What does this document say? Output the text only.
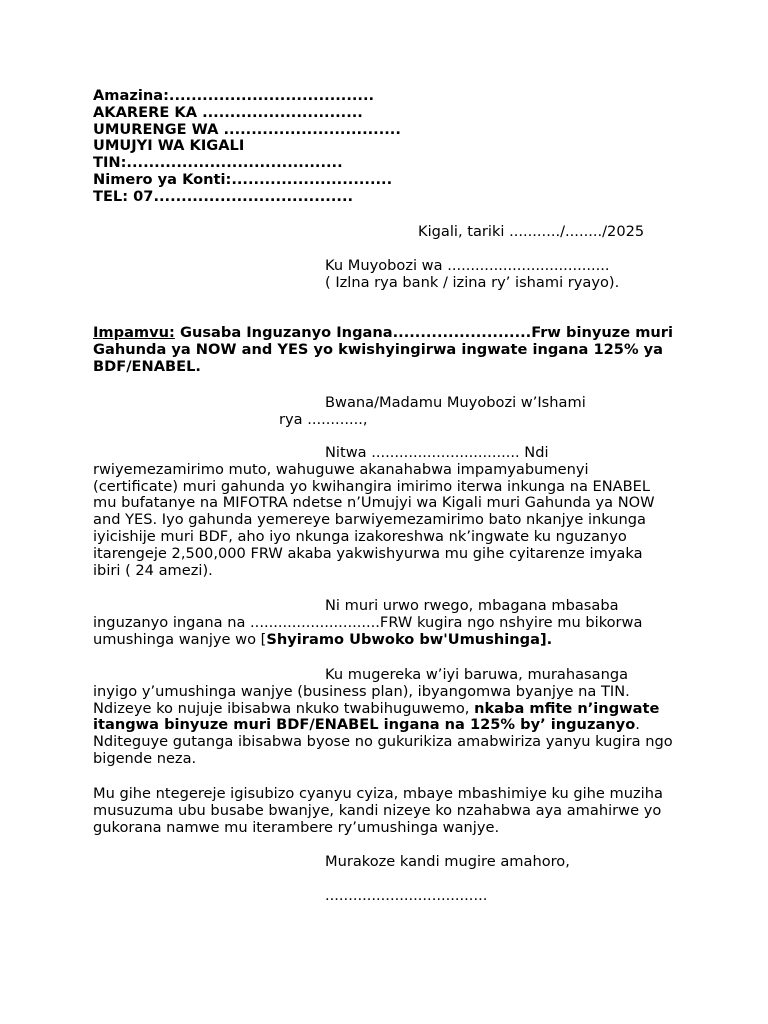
Amazina:.....................................
AKARERE KA .............................
UMURENGE WA ................................
UMUJYI WA KIGALI
TIN:.......................................
Nimero ya Konti:.............................
TEL: 07....................................
Kigali, tariki .........../......../2025
Ku Muyobozi wa ...................................
( Izlna rya bank / izina ry’ ishami ryayo).

Impamvu: Gusaba Inguzanyo Ingana.........................Frw binyuze muri Gahunda ya NOW and YES yo kwishyingirwa ingwate ingana 125% ya BDF/ENABEL.

Bwana/Madamu Muyobozi w’Ishami
rya ............,
Nitwa ................................ Ndi

rwiyemezamirimo muto, wahuguwe akanahabwa impamyabumenyi (certificate) muri gahunda yo kwihangira imirimo iterwa inkunga na ENABEL mu bufatanye na MIFOTRA ndetse n’Umujyi wa Kigali muri Gahunda ya NOW and YES. Iyo gahunda yemereye barwiyemezamirimo bato nkanjye inkunga iyicishije muri BDF, aho iyo nkunga izakoreshwa nk’ingwate ku nguzanyo itarengeje 2,500,000 FRW akaba yakwishyurwa mu gihe cyitarenze imyaka ibiri ( 24 amezi).

Ni muri urwo rwego, mbagana mbasaba

inguzanyo ingana na ............................FRW kugira ngo nshyire mu bikorwa umushinga wanjye wo [Shyiramo Ubwoko bw'Umushinga].

Ku mugereka w’iyi baruwa, murahasanga

inyigo y’umushinga wanjye (business plan), ibyangomwa byanjye na TIN. Ndizeye ko nujuje ibisabwa nkuko twabihuguwemo, nkaba mfite n’ingwate itangwa binyuze muri BDF/ENABEL ingana na 125% by’ inguzanyo. Nditeguye gutanga ibisabwa byose no gukurikiza amabwiriza yanyu kugira ngo bigende neza.

Mu gihe ntegereje igisubizo cyanyu cyiza, mbaye mbashimiye ku gihe muziha musuzuma ubu busabe bwanjye, kandi nizeye ko nzahabwa aya amahirwe yo gukorana namwe mu iterambere ry’umushinga wanjye.

Murakoze kandi mugire amahoro,
...................................
